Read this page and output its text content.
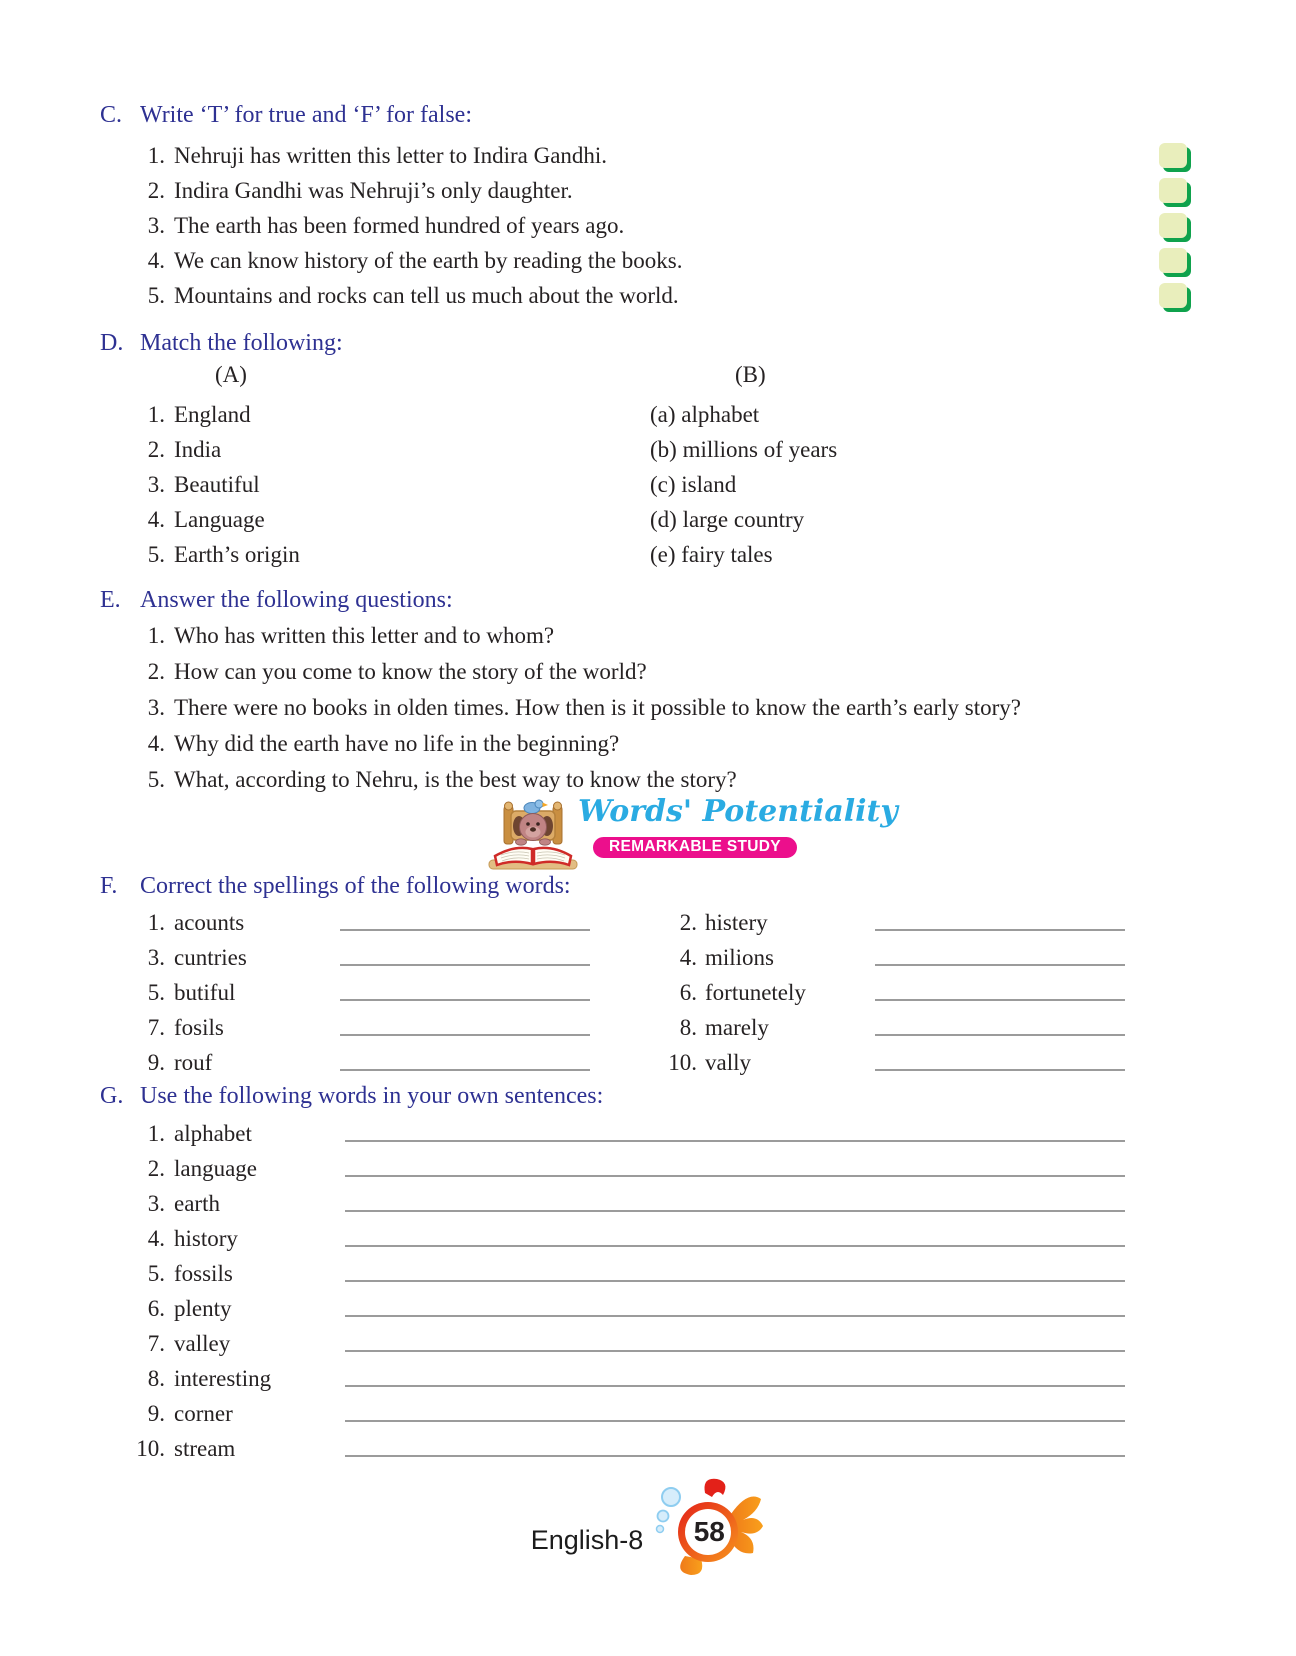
C. Write ‘T’ for true and ‘F’ for false:
1. Nehruji has written this letter to Indira Gandhi.
2. Indira Gandhi was Nehruji’s only daughter.
3. The earth has been formed hundred of years ago.
4. We can know history of the earth by reading the books.
5. Mountains and rocks can tell us much about the world.
D. Match the following:
(A)	(B)
1. England	(a) alphabet
2. India	(b) millions of years
3. Beautiful	(c) island
4. Language	(d) large country
5. Earth’s origin	(e) fairy tales
E. Answer the following questions:
1. Who has written this letter and to whom?
2. How can you come to know the story of the world?
3. There were no books in olden times. How then is it possible to know the earth’s early story?
4. Why did the earth have no life in the beginning?
5. What, according to Nehru, is the best way to know the story?
Words' Potentiality
REMARKABLE STUDY
F. Correct the spellings of the following words:
1. acounts	2. histery
3. cuntries	4. milions
5. butiful	6. fortunetely
7. fosils	8. marely
9. rouf	10. vally
G. Use the following words in your own sentences:
1. alphabet
2. language
3. earth
4. history
5. fossils
6. plenty
7. valley
8. interesting
9. corner
10. stream
English-8	58
